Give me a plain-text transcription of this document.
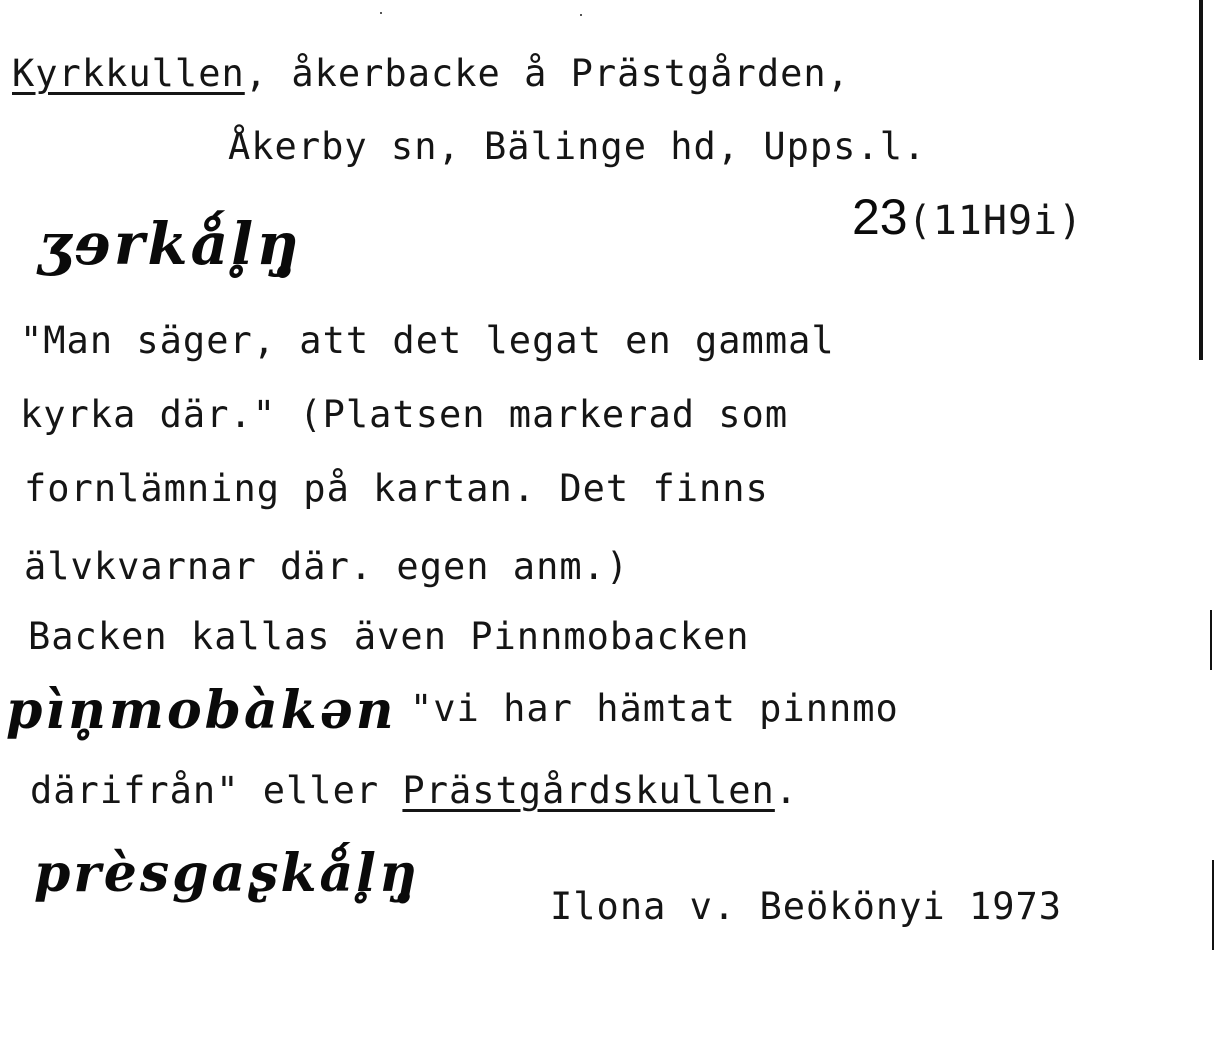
Kyrkkullen, åkerbacke å Prästgården,
Åkerby sn, Bälinge hd, Upps.l.
ʒɘrkǻl̥ŋ̥	23(11H9i)
"Man säger, att det legat en gammal
kyrka där." (Platsen markerad som
fornlämning på kartan. Det finns
älvkvarnar där. egen anm.)
Backen kallas även Pinnmobacken
pìn̥mobàkən "vi har hämtat pinnmo
därifrån" eller Prästgårdskullen.
prèsgaʂkǻl̥ŋ̥
Ilona v. Beökönyi 1973
